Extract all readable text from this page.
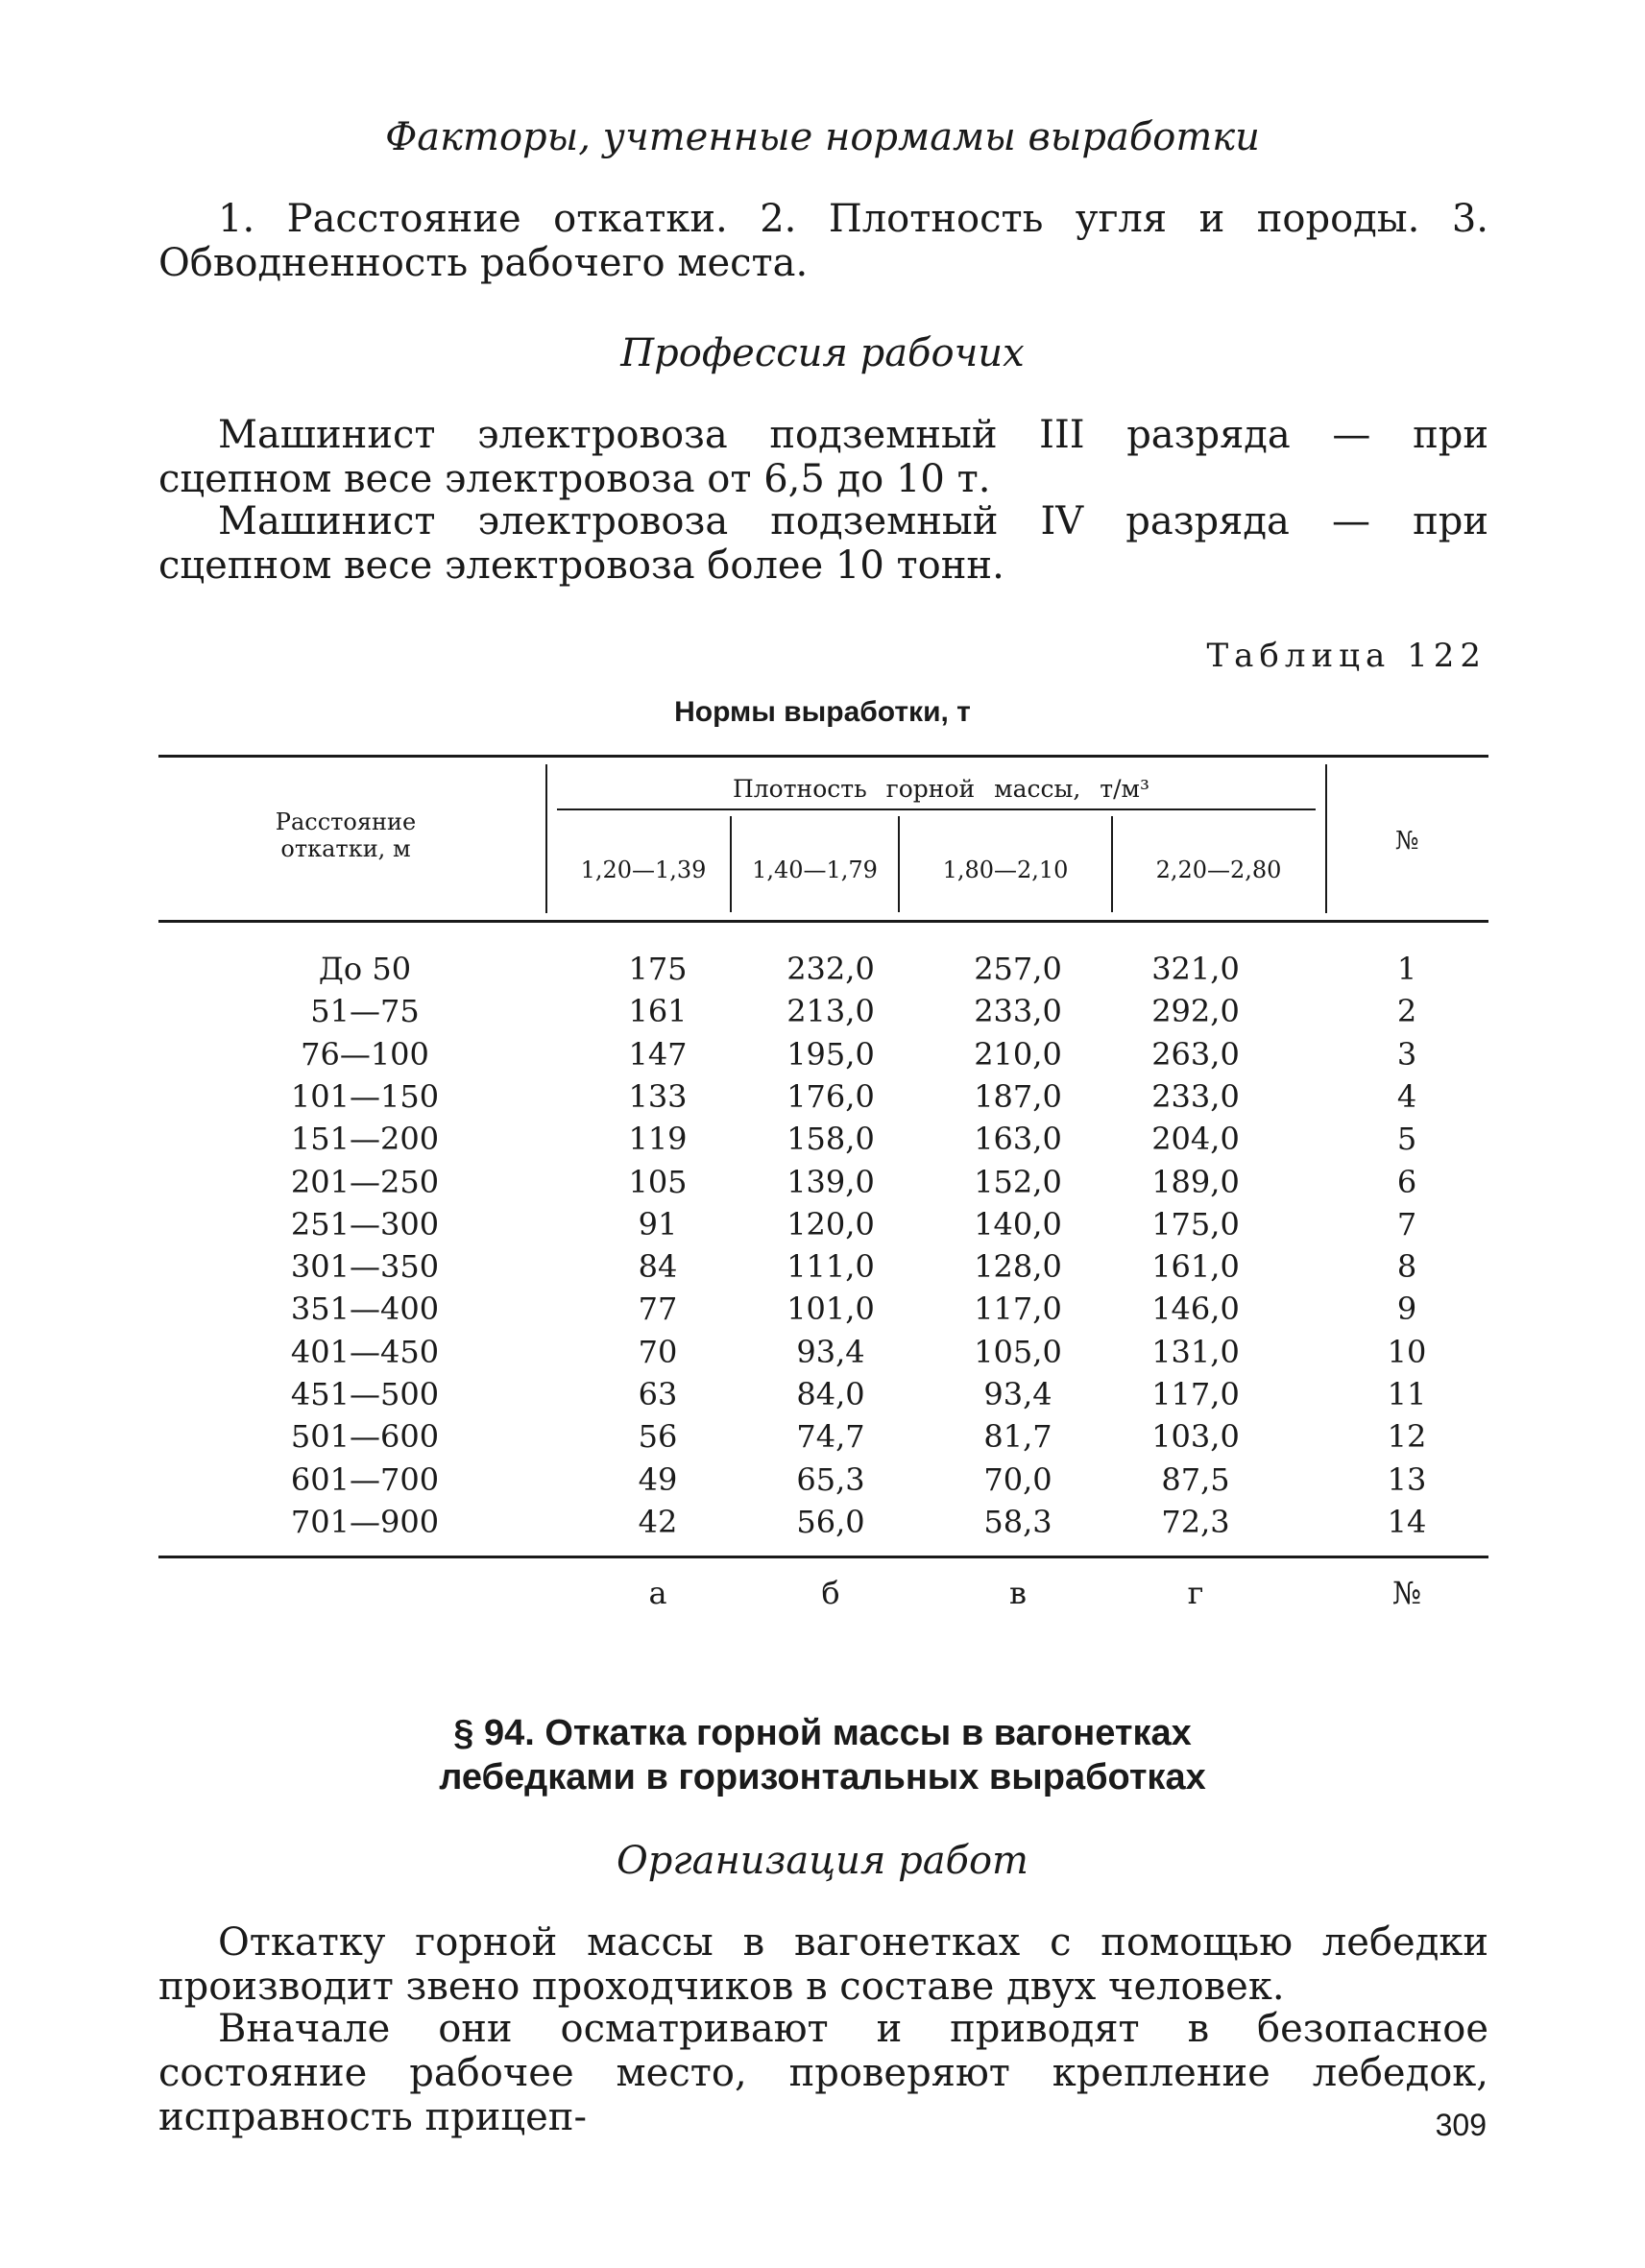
Факторы, учтенные нормамы выработки
1. Расстояние откатки. 2. Плотность угля и породы. 3. Обводненность рабочего места.
Профессия рабочих
Машинист электровоза подземный III разряда — при сцепном весе электровоза от 6,5 до 10 т.
Машинист электровоза подземный IV разряда — при сцепном весе электровоза более 10 тонн.
Таблица 122
Нормы выработки, т
Расстояние откатки, м
Плотность горной массы, т/м³
1,20—1,39	1,40—1,79	1,80—2,10	2,20—2,80
№
До 50	175	232,0	257,0	321,0	1
51—75	161	213,0	233,0	292,0	2
76—100	147	195,0	210,0	263,0	3
101—150	133	176,0	187,0	233,0	4
151—200	119	158,0	163,0	204,0	5
201—250	105	139,0	152,0	189,0	6
251—300	91	120,0	140,0	175,0	7
301—350	84	111,0	128,0	161,0	8
351—400	77	101,0	117,0	146,0	9
401—450	70	93,4	105,0	131,0	10
451—500	63	84,0	93,4	117,0	11
501—600	56	74,7	81,7	103,0	12
601—700	49	65,3	70,0	87,5	13
701—900	42	56,0	58,3	72,3	14
а	б	в	г	№
§ 94. Откатка горной массы в вагонетках
лебедками в горизонтальных выработках
Организация работ
Откатку горной массы в вагонетках с помощью лебедки производит звено проходчиков в составе двух человек.
Вначале они осматривают и приводят в безопасное состояние рабочее место, проверяют крепление лебедок, исправность прицеп-	309
